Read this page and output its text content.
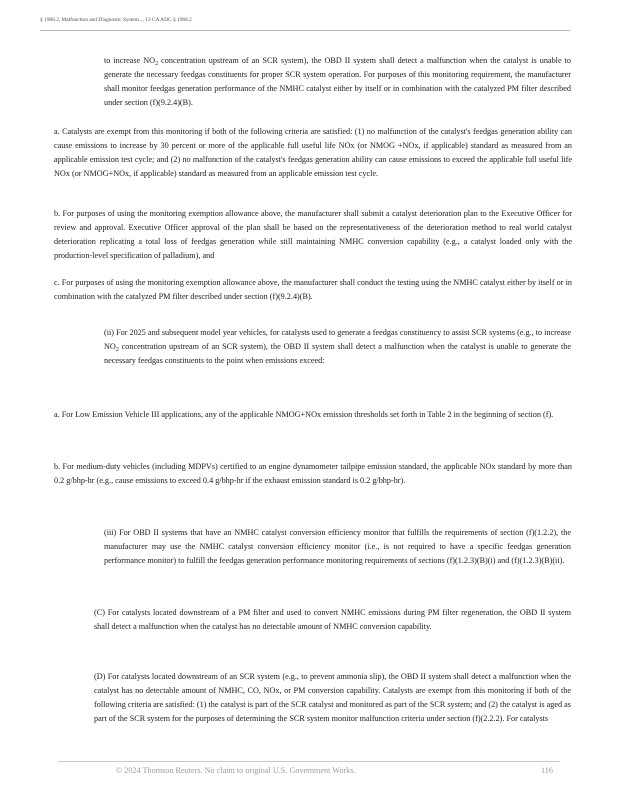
§ 1968.2. Malfunction and Diagnostic System..., 13 CA ADC § 1968.2

to increase $NO_2$ concentration upstream of an SCR system), the OBD II system shall detect a malfunction when the catalyst is unable to generate the necessary feedgas constituents for proper SCR system operation. For purposes of this monitoring requirement, the manufacturer shall monitor feedgas generation performance of the NMHC catalyst either by itself or in combination with the catalyzed PM filter described under section (f)(9.2.4)(B).

a. Catalysts are exempt from this monitoring if both of the following criteria are satisfied: (1) no malfunction of the catalyst's feedgas generation ability can cause emissions to increase by 30 percent or more of the applicable full useful life NOx (or NMOG +NOx, if applicable) standard as measured from an applicable emission test cycle; and (2) no malfunction of the catalyst's feedgas generation ability can cause emissions to exceed the applicable full useful life NOx (or NMOG+NOx, if applicable) standard as measured from an applicable emission test cycle.

b. For purposes of using the monitoring exemption allowance above, the manufacturer shall submit a catalyst deterioration plan to the Executive Officer for review and approval. Executive Officer approval of the plan shall be based on the representativeness of the deterioration method to real world catalyst deterioration replicating a total loss of feedgas generation while still maintaining NMHC conversion capability (e.g., a catalyst loaded only with the production-level specification of palladium), and

c. For purposes of using the monitoring exemption allowance above, the manufacturer shall conduct the testing using the NMHC catalyst either by itself or in combination with the catalyzed PM filter described under section (f)(9.2.4)(B).

(ii) For 2025 and subsequent model year vehicles, for catalysts used to generate a feedgas constituency to assist SCR systems (e.g., to increase $NO_2$ concentration upstream of an SCR system), the OBD II system shall detect a malfunction when the catalyst is unable to generate the necessary feedgas constituents to the point when emissions exceed:

a. For Low Emission Vehicle III applications, any of the applicable NMOG+NOx emission thresholds set forth in Table 2 in the beginning of section (f).

b. For medium-duty vehicles (including MDPVs) certified to an engine dynamometer tailpipe emission standard, the applicable NOx standard by more than 0.2 g/bhp-hr (e.g., cause emissions to exceed 0.4 g/bhp-hr if the exhaust emission standard is 0.2 g/bhp-hr).

(iii) For OBD II systems that have an NMHC catalyst conversion efficiency monitor that fulfills the requirements of section (f)(1.2.2), the manufacturer may use the NMHC catalyst conversion efficiency monitor (i.e., is not required to have a specific feedgas generation performance monitor) to fulfill the feedgas generation performance monitoring requirements of sections (f)(1.2.3)(B)(i) and (f)(1.2.3)(B)(ii).

(C) For catalysts located downstream of a PM filter and used to convert NMHC emissions during PM filter regeneration, the OBD II system shall detect a malfunction when the catalyst has no detectable amount of NMHC conversion capability.

(D) For catalysts located downstream of an SCR system (e.g., to prevent ammonia slip), the OBD II system shall detect a malfunction when the catalyst has no detectable amount of NMHC, CO, NOx, or PM conversion capability. Catalysts are exempt from this monitoring if both of the following criteria are satisfied: (1) the catalyst is part of the SCR catalyst and monitored as part of the SCR system; and (2) the catalyst is aged as part of the SCR system for the purposes of determining the SCR system monitor malfunction criteria under section (f)(2.2.2). For catalysts

© 2024 Thomson Reuters. No claim to original U.S. Government Works.	116
